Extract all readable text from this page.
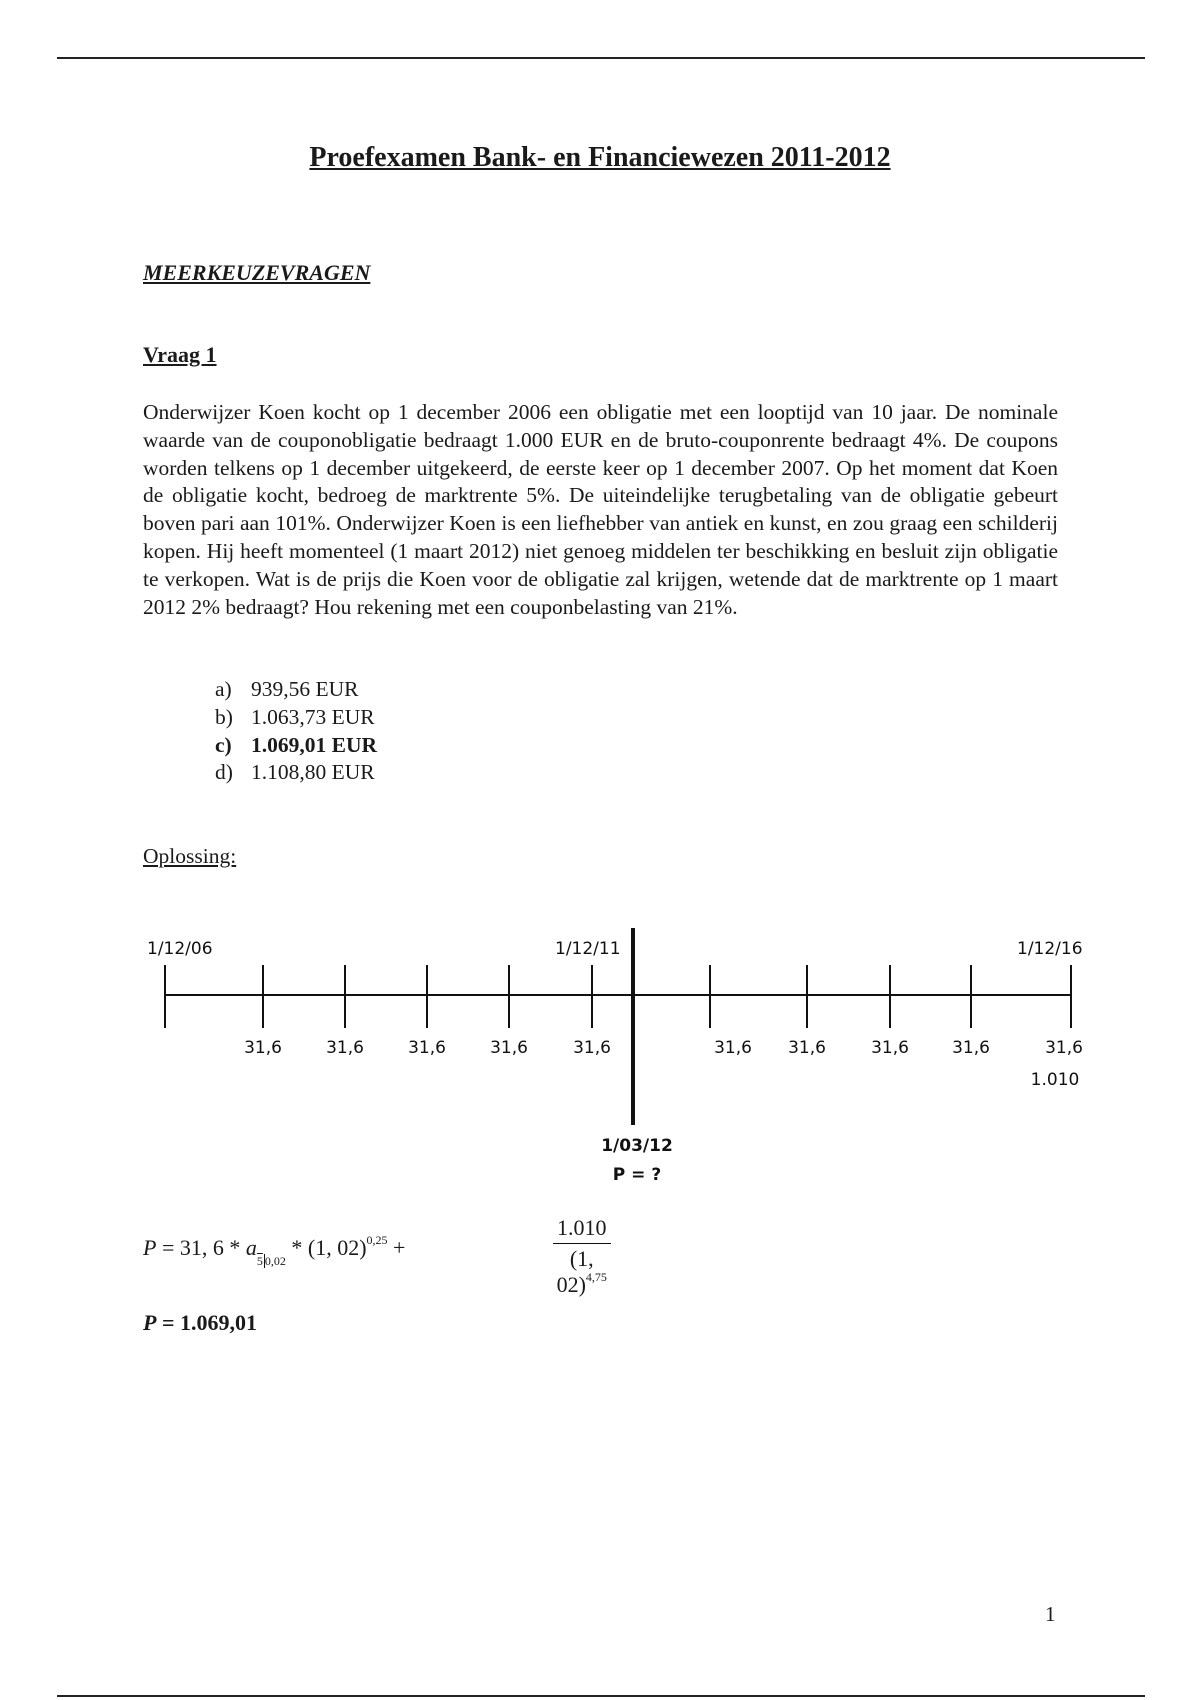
Proefexamen Bank- en Financiewezen 2011-2012
MEERKEUZEVRAGEN
Vraag 1

Onderwijzer Koen kocht op 1 december 2006 een obligatie met een looptijd van 10 jaar. De nominale waarde van de couponobligatie bedraagt 1.000 EUR en de bruto-couponrente bedraagt 4%. De coupons worden telkens op 1 december uitgekeerd, de eerste keer op 1 december 2007. Op het moment dat Koen de obligatie kocht, bedroeg de marktrente 5%. De uiteindelijke terugbetaling van de obligatie gebeurt boven pari aan 101%. Onderwijzer Koen is een liefhebber van antiek en kunst, en zou graag een schilderij kopen. Hij heeft momenteel (1 maart 2012) niet genoeg middelen ter beschikking en besluit zijn obligatie te verkopen. Wat is de prijs die Koen voor de obligatie zal krijgen, wetende dat de marktrente op 1 maart 2012 2% bedraagt? Hou rekening met een couponbelasting van 21%.

a) 939,56 EUR
b) 1.063,73 EUR
c) 1.069,01 EUR
d) 1.108,80 EUR
Oplossing:
1/12/06	1/12/11	1/12/16
31,6	31,6	31,6	31,6	31,6	31,6 31,6	31,6	31,6	31,6
1.010
1/03/12
P = ?
P = 31, $6 * a_{5 0,02} * (1$, 02)$^{0,25}$ +	$\frac{1.010}{(1, 02)^{4,75}}$
P = 1.069,01
1
